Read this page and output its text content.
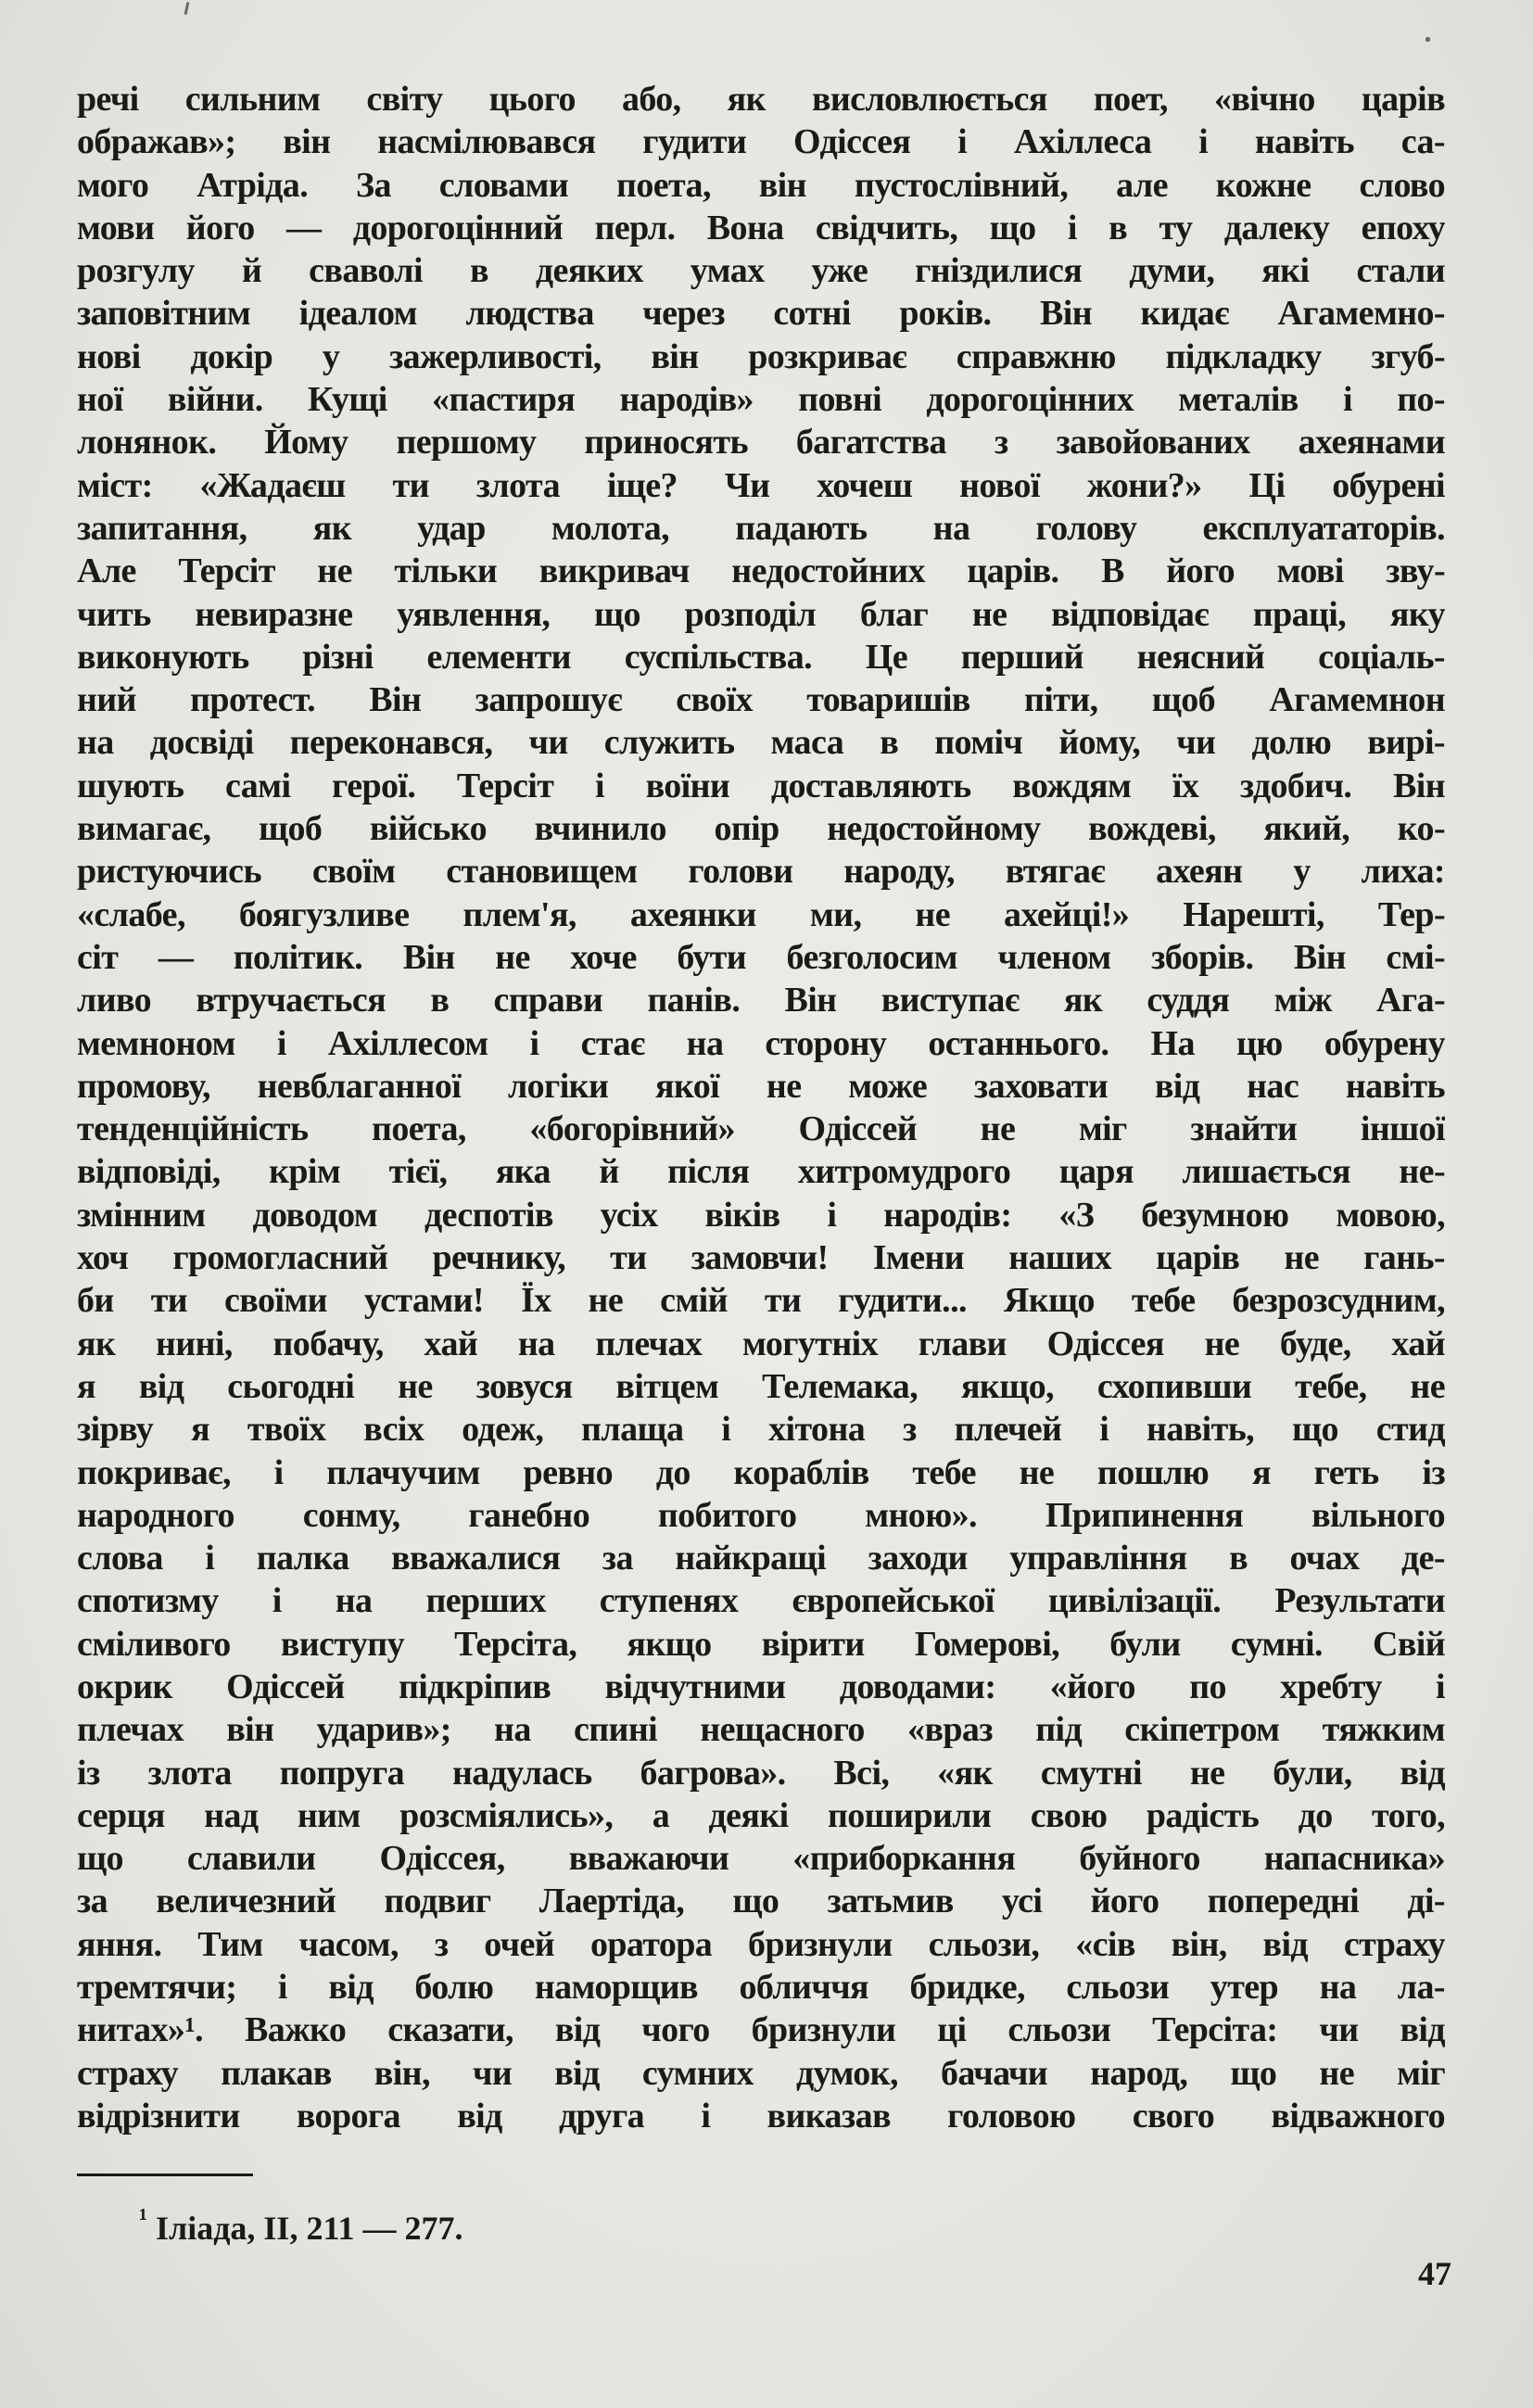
речі сильним світу цього або, як висловлюється поет, «вічно царів
ображав»; він насмілювався гудити Одіссея і Ахіллеса і навіть са-
мого Атріда. За словами поета, він пустослівний, але кожне слово
мови його — дорогоцінний перл. Вона свідчить, що і в ту далеку епоху
розгулу й сваволі в деяких умах уже гніздилися думи, які стали
заповітним ідеалом людства через сотні років. Він кидає Агамемно-
нові докір у зажерливості, він розкриває справжню підкладку згуб-
ної війни. Кущі «пастиря народів» повні дорогоцінних металів і по-
лонянок. Йому першому приносять багатства з завойованих ахеянами
міст: «Жадаєш ти злота іще? Чи хочеш нової жони?» Ці обурені
запитання, як удар молота, падають на голову експлуататорів.
Але Терсіт не тільки викривач недостойних царів. В його мові зву-
чить невиразне уявлення, що розподіл благ не відповідає праці, яку
виконують різні елементи суспільства. Це перший неясний соціаль-
ний протест. Він запрошує своїх товаришів піти, щоб Агамемнон
на досвіді переконався, чи служить маса в поміч йому, чи долю вирі-
шують самі герої. Терсіт і воїни доставляють вождям їх здобич. Він
вимагає, щоб військо вчинило опір недостойному вождеві, який, ко-
ристуючись своїм становищем голови народу, втягає ахеян у лиха:
«слабе, боягузливе плем'я, ахеянки ми, не ахейці!» Нарешті, Тер-
сіт — політик. Він не хоче бути безголосим членом зборів. Він смі-
ливо втручається в справи панів. Він виступає як суддя між Ага-
мемноном і Ахіллесом і стає на сторону останнього. На цю обурену
промову, невблаганної логіки якої не може заховати від нас навіть
тенденційність поета, «богорівний» Одіссей не міг знайти іншої
відповіді, крім тієї, яка й після хитромудрого царя лишається не-
змінним доводом деспотів усіх віків і народів: «З безумною мовою,
хоч громогласний речнику, ти замовчи! Імени наших царів не гань-
би ти своїми устами! Їх не смій ти гудити... Якщо тебе безрозсудним,
як нині, побачу, хай на плечах могутніх глави Одіссея не буде, хай
я від сьогодні не зовуся вітцем Телемака, якщо, схопивши тебе, не
зірву я твоїх всіх одеж, плаща і хітона з плечей і навіть, що стид
покриває, і плачучим ревно до кораблів тебе не пошлю я геть із
народного сонму, ганебно побитого мною». Припинення вільного
слова і палка вважалися за найкращі заходи управління в очах де-
спотизму і на перших ступенях європейської цивілізації. Результати
сміливого виступу Терсіта, якщо вірити Гомерові, були сумні. Свій
окрик Одіссей підкріпив відчутними доводами: «його по хребту і
плечах він ударив»; на спині нещасного «враз під скіпетром тяжким
із злота попруга надулась багрова». Всі, «як смутні не були, від
серця над ним розсміялись», а деякі поширили свою радість до того,
що славили Одіссея, вважаючи «приборкання буйного напасника»
за величезний подвиг Лаертіда, що затьмив усі його попередні ді-
яння. Тим часом, з очей оратора бризнули сльози, «сів він, від страху
тремтячи; і від болю наморщив обличчя бридке, сльози утер на ла-
нитах»¹. Важко сказати, від чого бризнули ці сльози Терсіта: чи від
страху плакав він, чи від сумних думок, бачачи народ, що не міг
відрізнити ворога від друга і виказав головою свого відважного
$^{^1}$ Іліада, II, 211 — 277.
47
